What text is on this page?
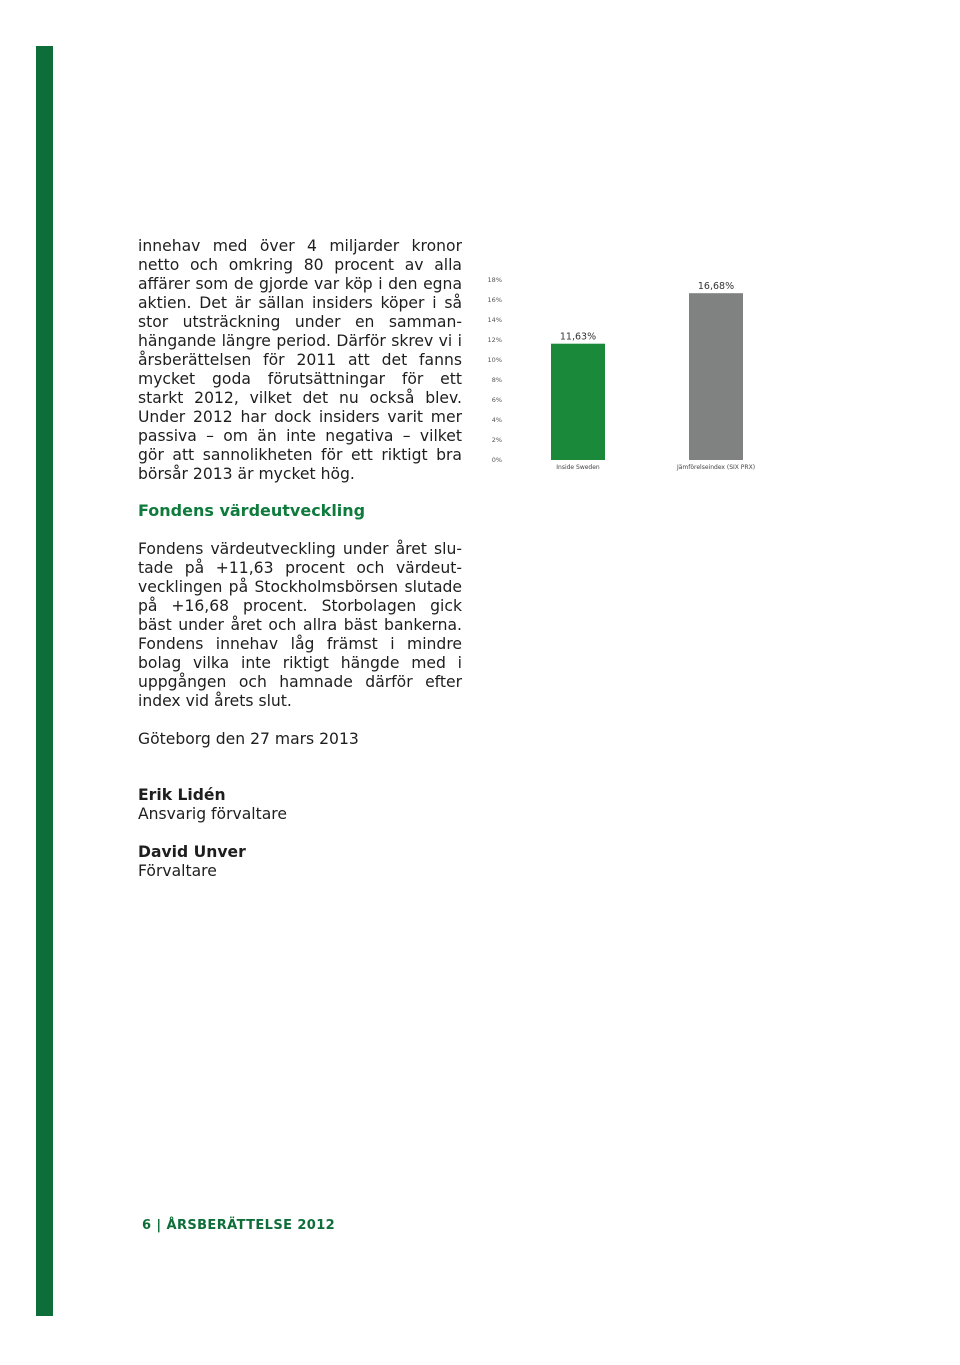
innehav med över 4 miljarder kronor

netto och omkring 80 procent av alla

affärer som de gjorde var köp i den egna

aktien. Det är sällan insiders köper i så

stor utsträckning under en samman-

hängande längre period. Därför skrev vi i

årsberättelsen för 2011 att det fanns

mycket goda förutsättningar för ett

starkt 2012, vilket det nu också blev.

Under 2012 har dock insiders varit mer

passiva – om än inte negativa – vilket

gör att sannolikheten för ett riktigt bra

börsår 2013 är mycket hög.

0%
2%
4%
6%
8%
10%
12%
14%
16%
18%
11,63%
Inside Sweden
16,68%
Jämförelseindex (SIX PRX)
Fondens värdeutveckling

Fondens värdeutveckling under året slu-

tade på +11,63 procent och värdeut-

vecklingen på Stockholmsbörsen slutade

på +16,68 procent. Storbolagen gick

bäst under året och allra bäst bankerna.

Fondens innehav låg främst i mindre

bolag vilka inte riktigt hängde med i

uppgången och hamnade därför efter

index vid årets slut.

Göteborg den 27 mars 2013

Erik Lidén
Ansvarig förvaltare
David Unver
Förvaltare
6 | ÅRSBERÄTTELSE 2012
